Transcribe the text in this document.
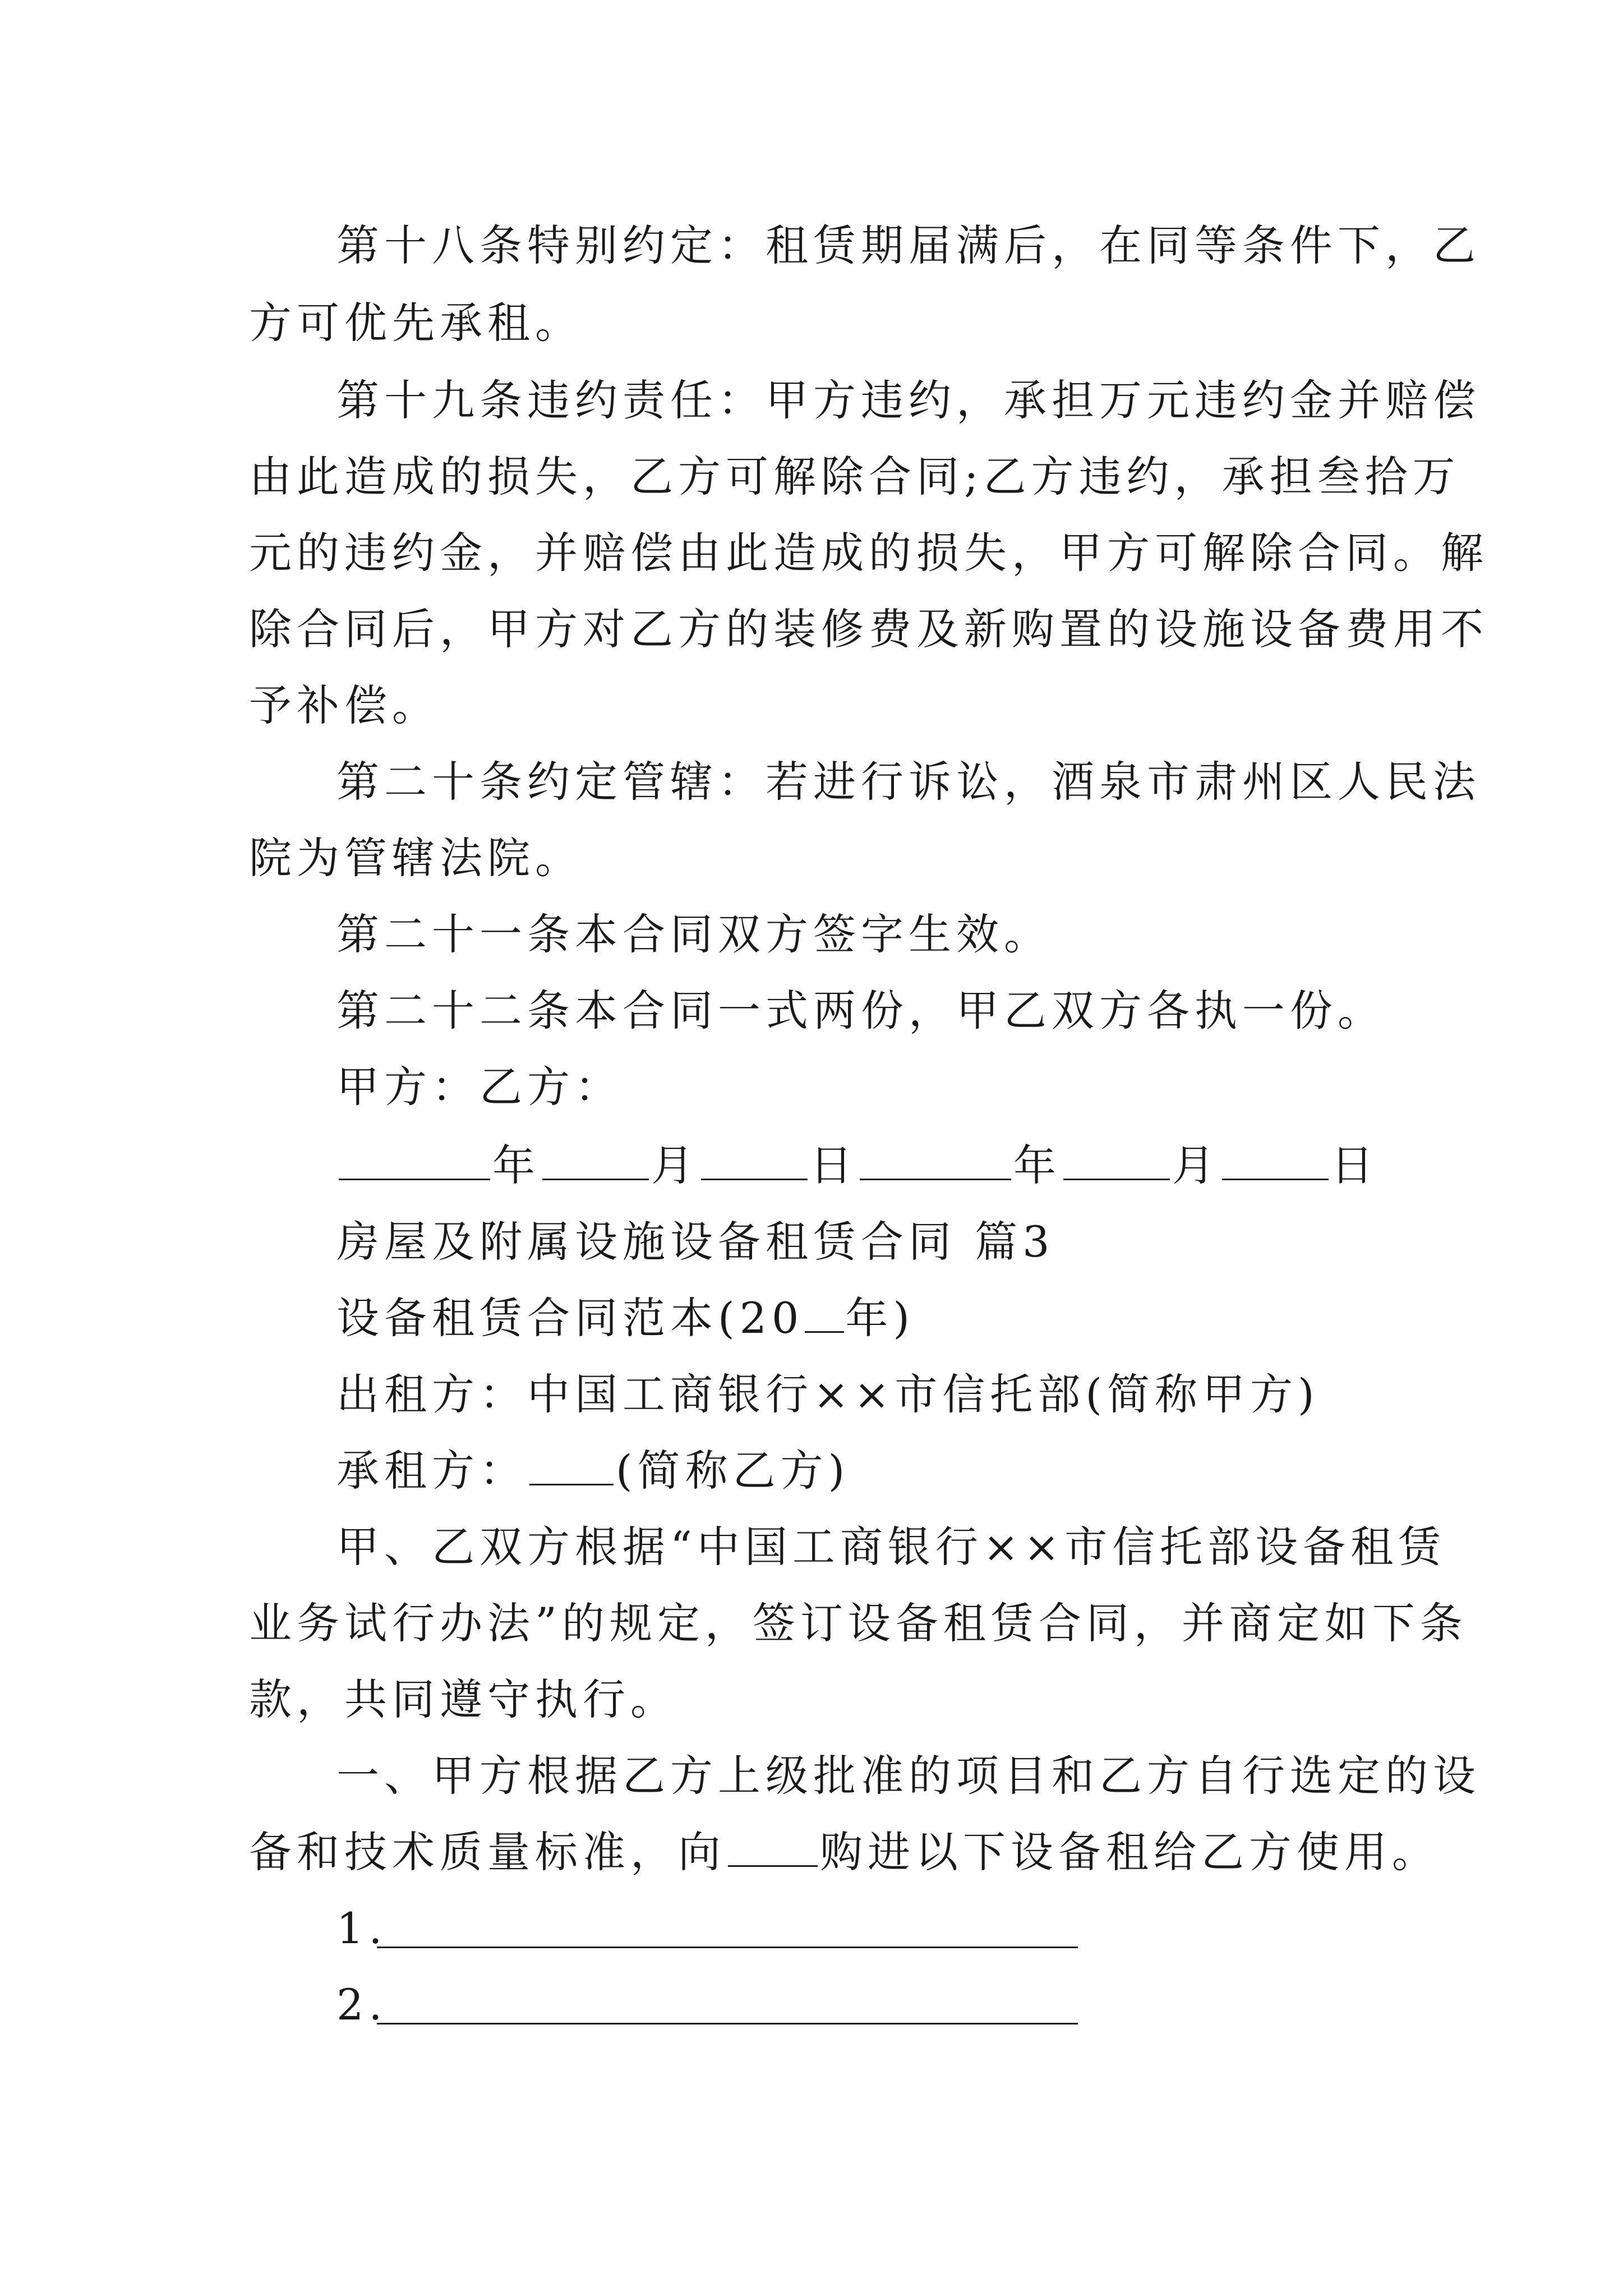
第十八条特别约定：租赁期届满后，在同等条件下，乙
方可优先承租。
第十九条违约责任：甲方违约，承担万元违约金并赔偿
由此造成的损失，乙方可解除合同;乙方违约，承担叁拾万
元的违约金，并赔偿由此造成的损失，甲方可解除合同。解
除合同后，甲方对乙方的装修费及新购置的设施设备费用不
予补偿。
第二十条约定管辖：若进行诉讼，酒泉市肃州区人民法
院为管辖法院。
第二十一条本合同双方签字生效。
第二十二条本合同一式两份，甲乙双方各执一份。
甲方：乙方：
年	月	日	年	月	日
房屋及附属设施设备租赁合同 篇3
设备租赁合同范本(20 年)
出租方：中国工商银行××市信托部(简称甲方)
承租方： (简称乙方)
甲、乙双方根据“中国工商银行××市信托部设备租赁
业务试行办法”的规定，签订设备租赁合同，并商定如下条
款，共同遵守执行。
一、甲方根据乙方上级批准的项目和乙方自行选定的设
备和技术质量标准，向 购进以下设备租给乙方使用。
1.
2.
